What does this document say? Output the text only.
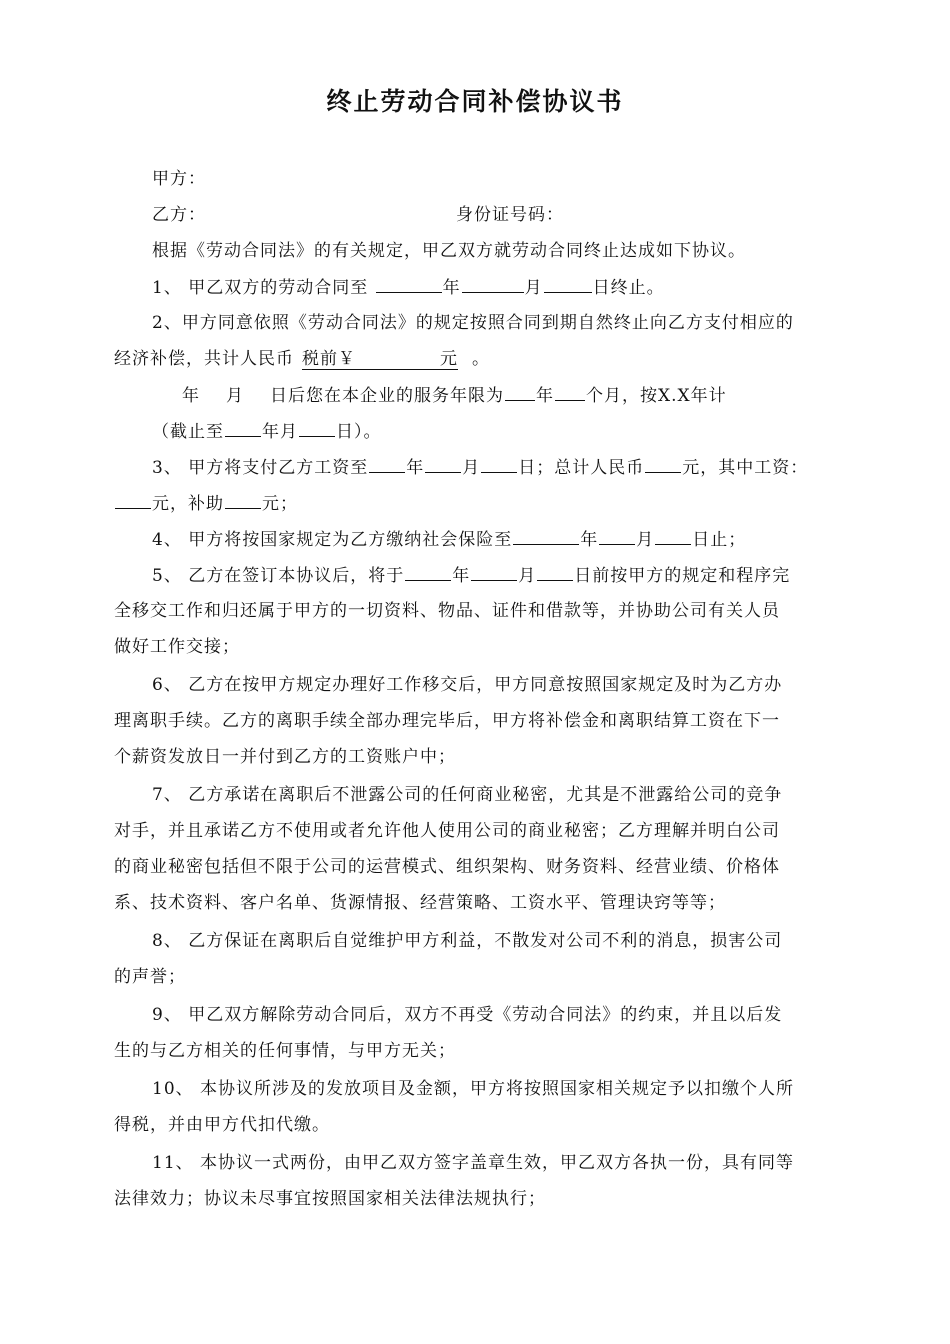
终止劳动合同补偿协议书
甲方：
乙方：	身份证号码：
根据《劳动合同法》的有关规定，甲乙双方就劳动合同终止达成如下协议。
1、 甲乙双方的劳动合同至	年	月	日终止。
2、甲方同意依照《劳动合同法》的规定按照合同到期自然终止向乙方支付相应的
经济补偿，共计人民币 税前￥	元 。
年 月 日后您在本企业的服务年限为 年 个月，按X.X年计
（截止至 年月 日）。
3、 甲方将支付乙方工资至 年 月 日；总计人民币 元，其中工资：
元，补助 元；
4、 甲方将按国家规定为乙方缴纳社会保险至	年 月 日止；
5、 乙方在签订本协议后，将于	年	月 日前按甲方的规定和程序完
全移交工作和归还属于甲方的一切资料、物品、证件和借款等，并协助公司有关人员
做好工作交接；
6、 乙方在按甲方规定办理好工作移交后，甲方同意按照国家规定及时为乙方办
理离职手续。乙方的离职手续全部办理完毕后，甲方将补偿金和离职结算工资在下一
个薪资发放日一并付到乙方的工资账户中；
7、 乙方承诺在离职后不泄露公司的任何商业秘密，尤其是不泄露给公司的竞争
对手，并且承诺乙方不使用或者允许他人使用公司的商业秘密；乙方理解并明白公司
的商业秘密包括但不限于公司的运营模式、组织架构、财务资料、经营业绩、价格体
系、技术资料、客户名单、货源情报、经营策略、工资水平、管理诀窍等等；
8、 乙方保证在离职后自觉维护甲方利益，不散发对公司不利的消息，损害公司
的声誉；
9、 甲乙双方解除劳动合同后，双方不再受《劳动合同法》的约束，并且以后发
生的与乙方相关的任何事情，与甲方无关；
10、 本协议所涉及的发放项目及金额，甲方将按照国家相关规定予以扣缴个人所
得税，并由甲方代扣代缴。
11、 本协议一式两份，由甲乙双方签字盖章生效，甲乙双方各执一份，具有同等
法律效力；协议未尽事宜按照国家相关法律法规执行；
